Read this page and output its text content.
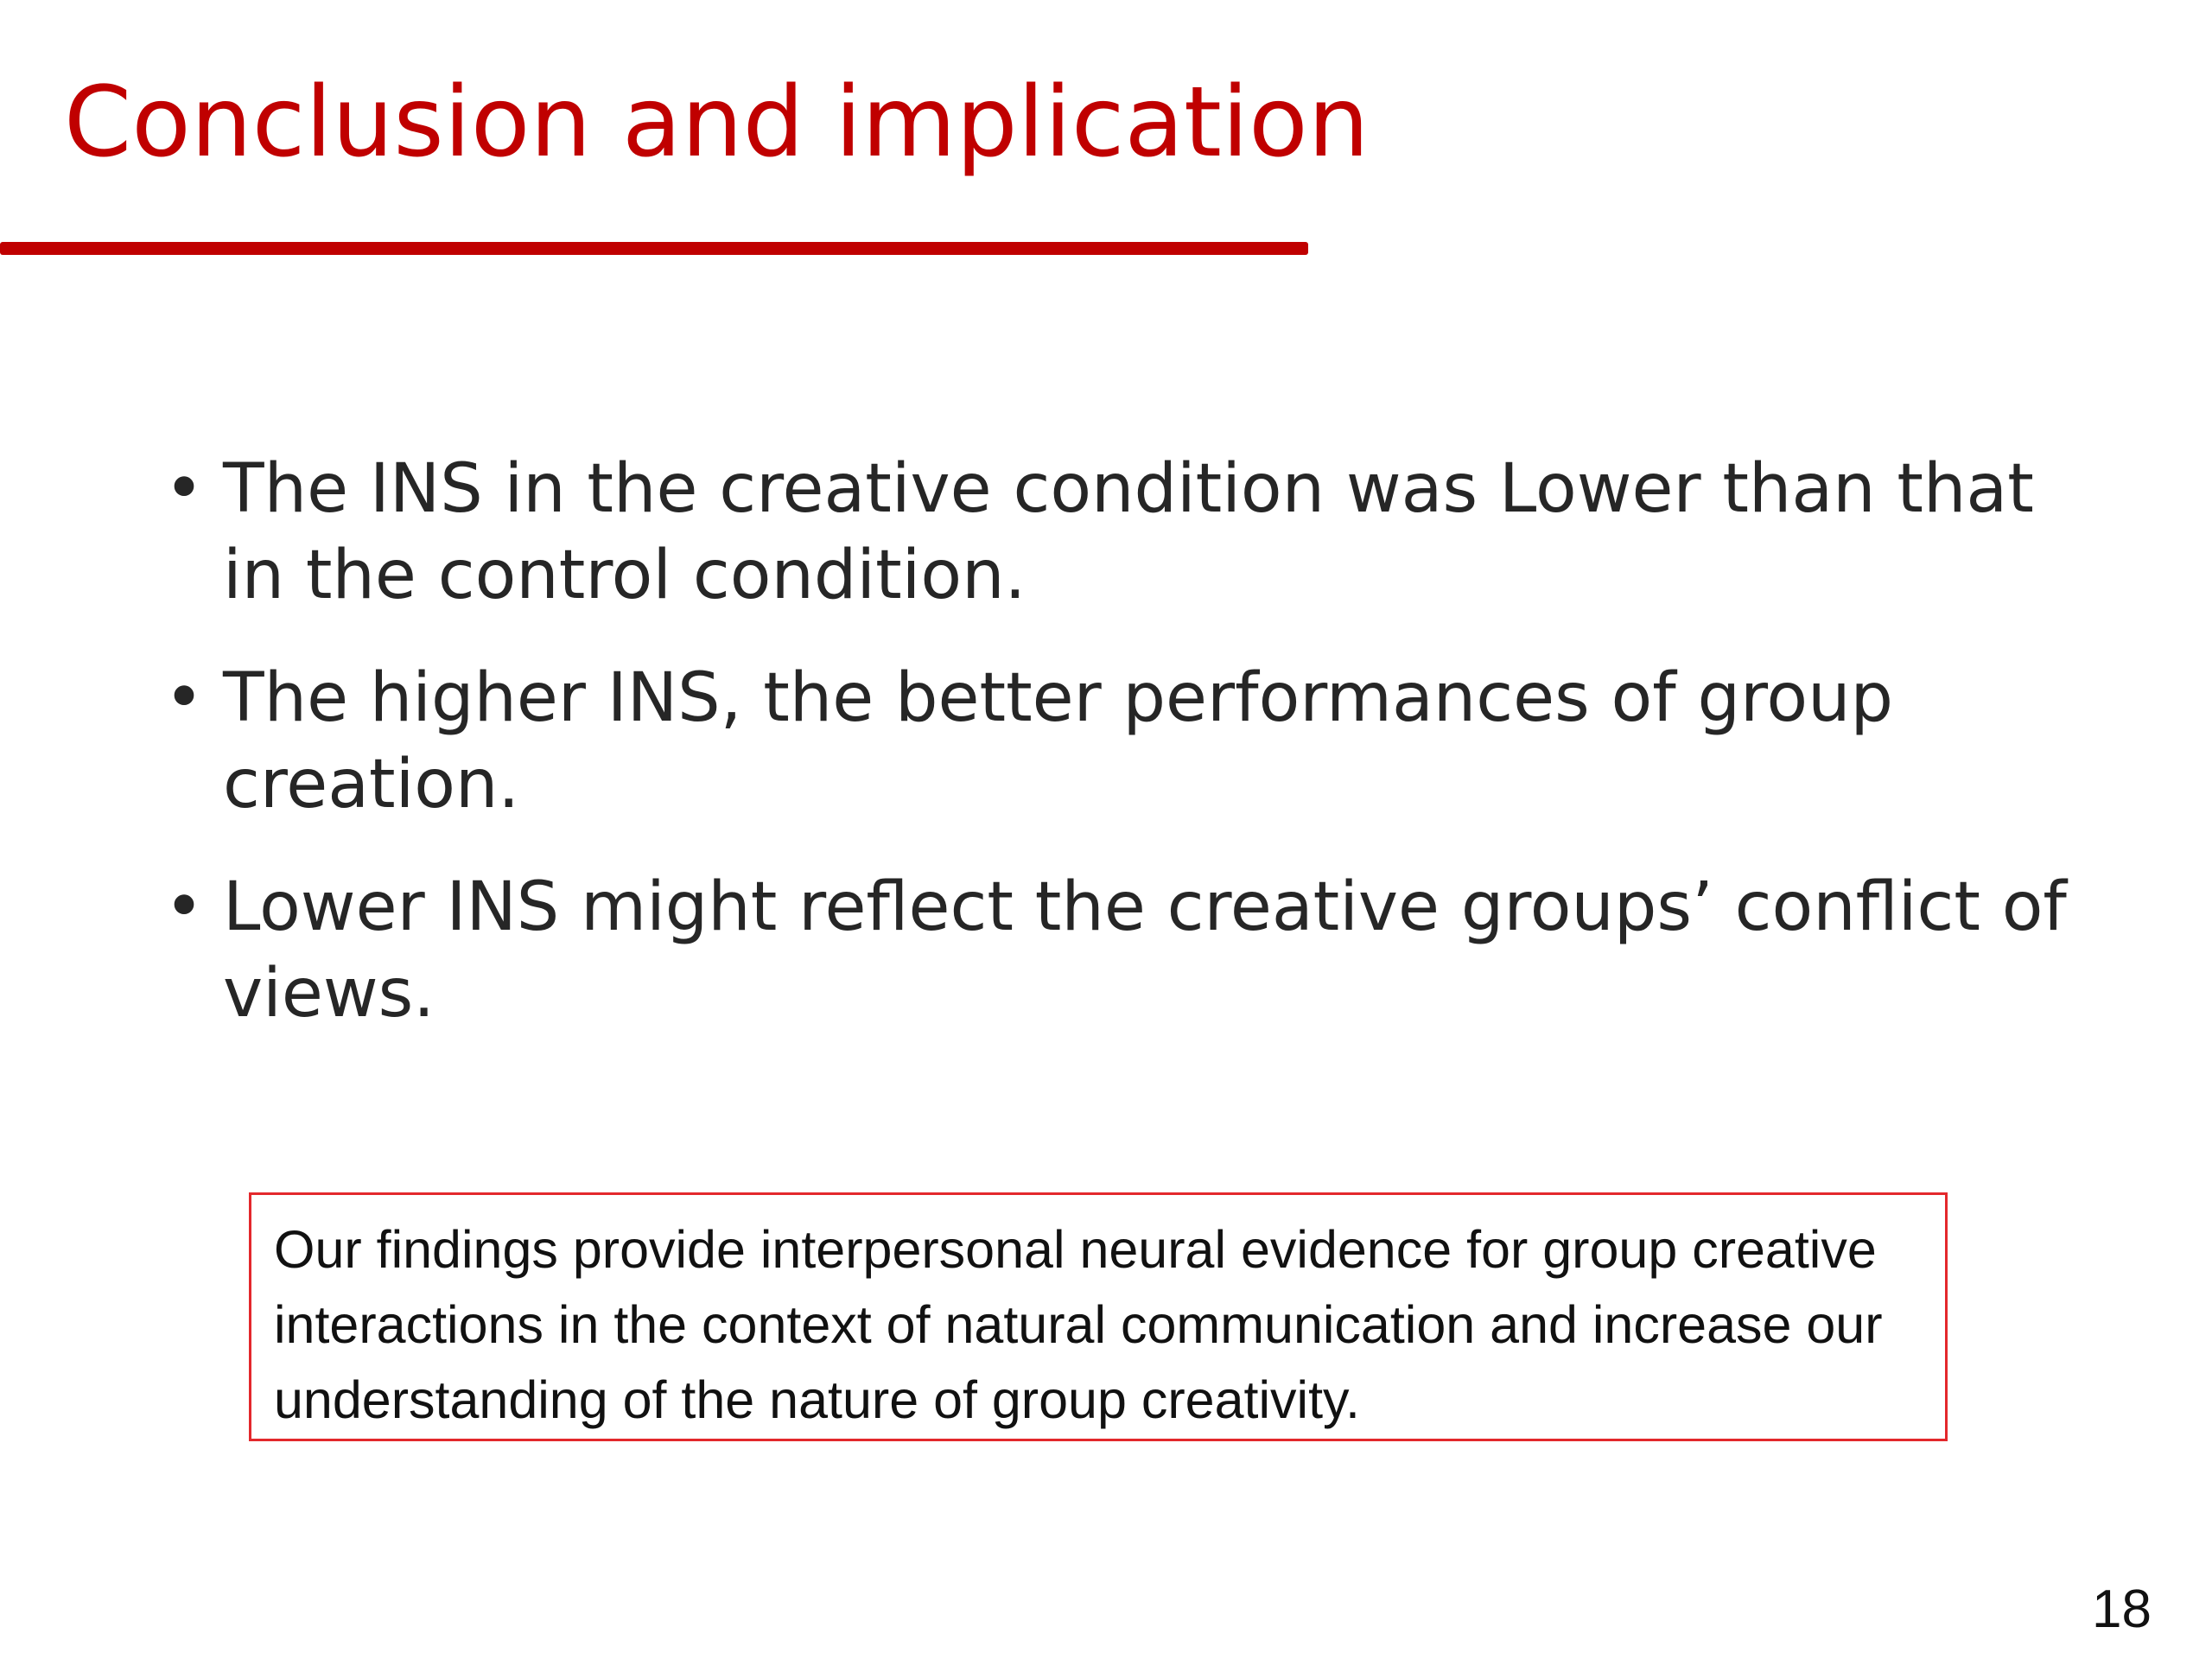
Conclusion and implication
• The INS in the creative condition was Lower than that in the control condition.
• The higher INS, the better performances of group creation.
• Lower INS might reflect the creative groups’ conflict of views.

Our findings provide interpersonal neural evidence for group creative interactions in the context of natural communication and increase our understanding of the nature of group creativity.

18
